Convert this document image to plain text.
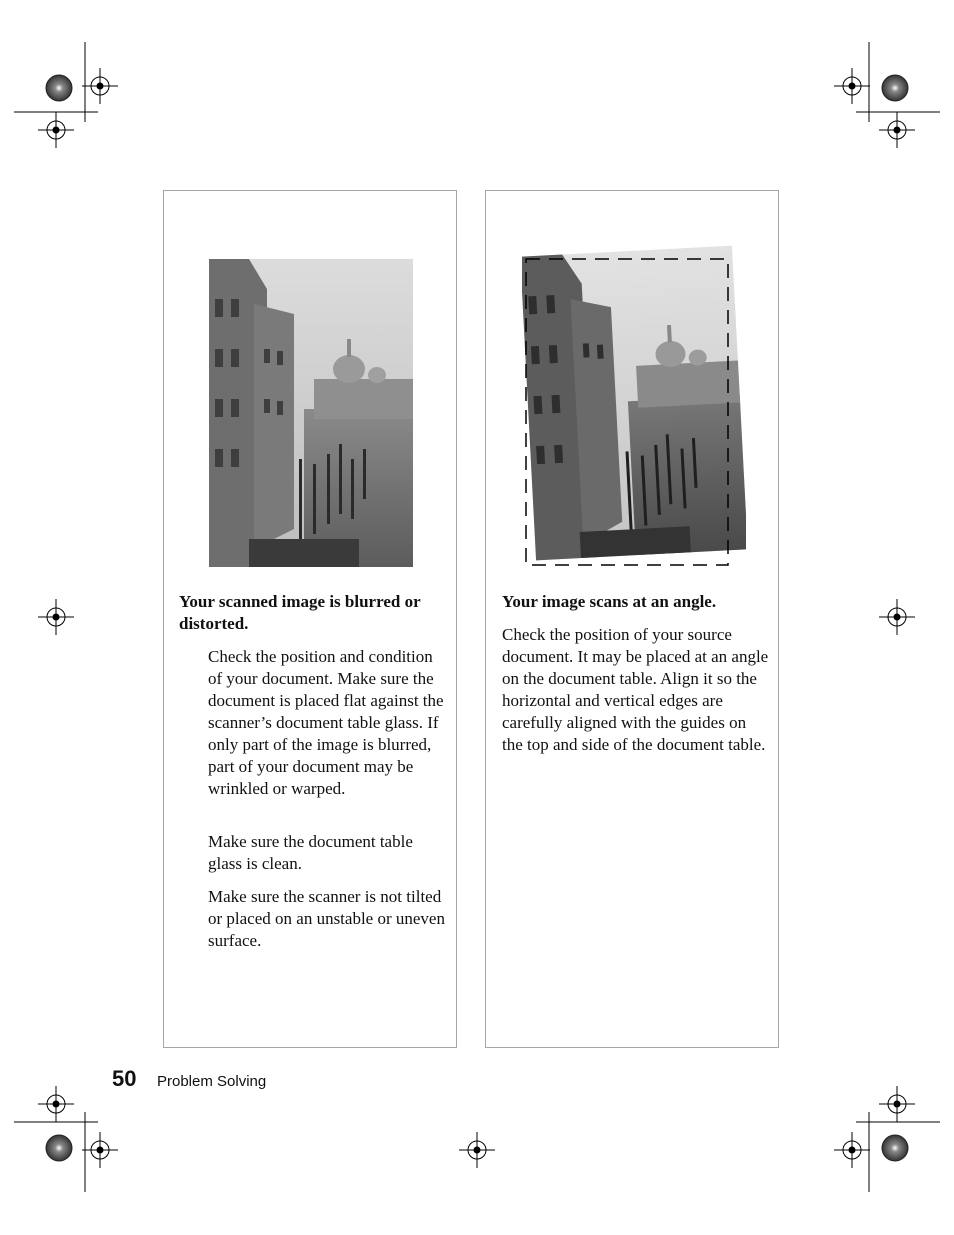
Your scanned image is blurred or distorted.

Check the position and condition of your document. Make sure the document is placed flat against the scanner’s document table glass. If only part of the image is blurred, part of your document may be wrinkled or warped.

Make sure the document table glass is clean.

Make sure the scanner is not tilted or placed on an unstable or uneven surface.

Your image scans at an angle.

Check the position of your source document. It may be placed at an angle on the document table. Align it so the horizontal and vertical edges are carefully aligned with the guides on the top and side of the document table.

50 Problem Solving
